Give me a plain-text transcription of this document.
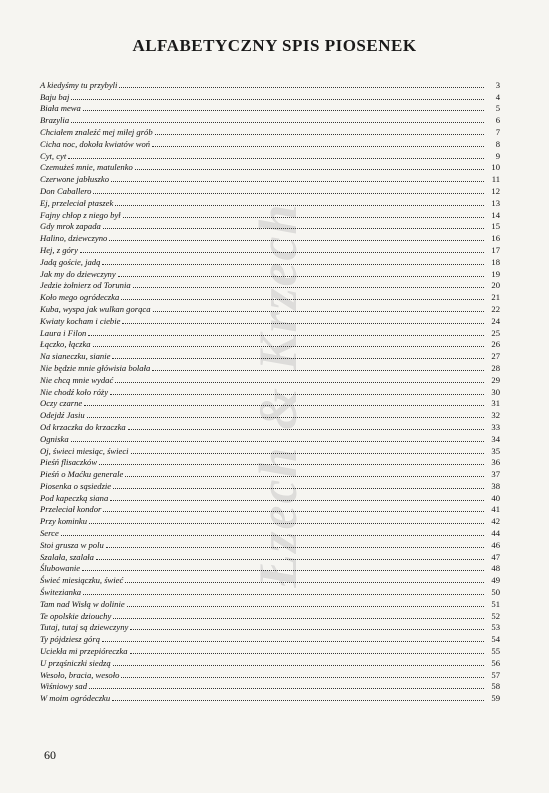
Łzech & Krzech
ALFABETYCZNY SPIS PIOSENEK
A kiedyśmy tu przybyli	3
Baju baj	4
Biała mewa	5
Brazylia	6
Chciałem znaleźć mej miłej grób	7
Cicha noc, dokoła kwiatów woń	8
Cyt, cyt	9
Czemużeś mnie, matulenko	10
Czerwone jabłuszko	11
Don Caballero	12
Ej, przeleciał ptaszek	13
Fajny chłop z niego był	14
Gdy mrok zapada	15
Halino, dziewczyno	16
Hej, z góry	17
Jadą goście, jadą	18
Jak my do dziewczyny	19
Jedzie żołnierz od Torunia	20
Koło mego ogródeczka	21
Kuba, wyspa jak wulkan gorąca	22
Kwiaty kocham i ciebie	24
Laura i Filon	25
Łączko, łączka	26
Na sianeczku, sianie	27
Nie będzie mnie główisia bolała	28
Nie chcą mnie wydać	29
Nie chodź koło róży	30
Oczy czarne	31
Odejdź Jasiu	32
Od krzaczka do krzaczka	33
Ogniska	34
Oj, świeci miesiąc, świeci	35
Pieśń flisaczków	36
Pieśń o Maćku generale	37
Piosenka o sąsiedzie	38
Pod kapeczką siana	40
Przeleciał kondor	41
Przy kominku	42
Serce	44
Stoi grusza w polu	46
Szalała, szalała	47
Ślubowanie	48
Świeć miesiączku, świeć	49
Świtezianka	50
Tam nad Wisłą w dolinie	51
Te opolskie dziouchy	52
Tutaj, tutaj są dziewczyny	53
Ty pójdziesz górą	54
Uciekła mi przepióreczka	55
U prząśniczki siedzą	56
Wesoło, bracia, wesoło	57
Wiśniowy sad	58
W moim ogródeczku	59
60
